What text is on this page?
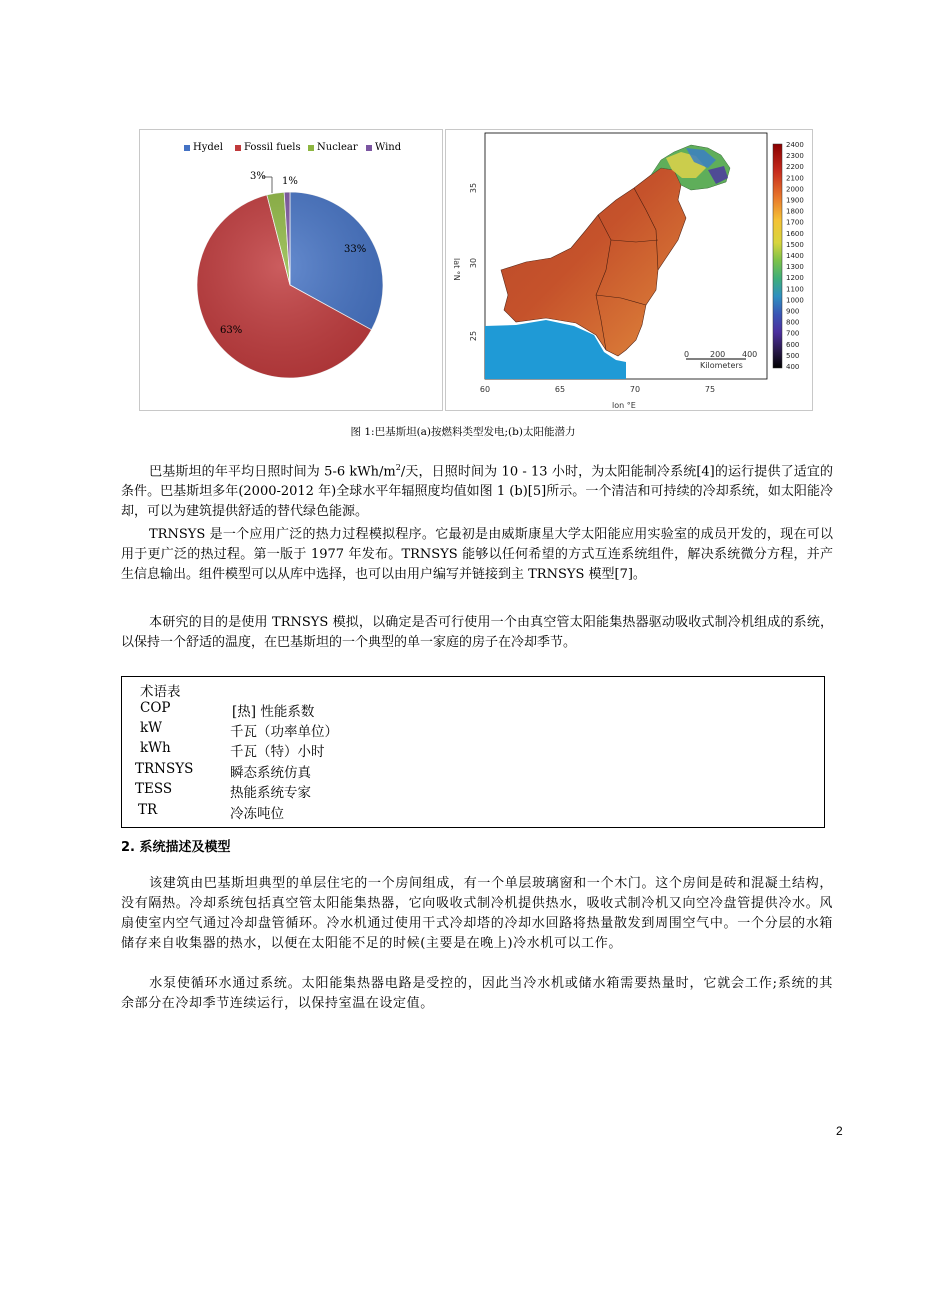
Hydel	Fossil fuels	Nuclear	Wind
3% 1%
33%
63%
35
30
25
60	65	70	75
lat °N
lon °E
0	200 400
Kilometers
2400
2300
2200
2100
2000
1900
1800
1700
1600
1500
1400
1300
1200
1100
1000
900
800
700
600
500
400
图 1:巴基斯坦(a)按燃料类型发电;(b)太阳能潜力
巴基斯坦的年平均日照时间为 5-6 kWh/$m^2/$天，日照时间为 10 - 13 小时，为太阳能制冷系统[4]的运行提供了适宜的条件。巴基斯坦多年(2000-2012 年)全球水平年辐照度均值如图 1 (b)[5]所示。一个清洁和可持续的冷却系统，如太阳能冷却，可以为建筑提供舒适的替代绿色能源。
TRNSYS 是一个应用广泛的热力过程模拟程序。它最初是由威斯康星大学太阳能应用实验室的成员开发的，现在可以用于更广泛的热过程。第一版于 1977 年发布。TRNSYS 能够以任何希望的方式互连系统组件，解决系统微分方程，并产生信息输出。组件模型可以从库中选择，也可以由用户编写并链接到主 TRNSYS 模型[7]。
本研究的目的是使用 TRNSYS 模拟，以确定是否可行使用一个由真空管太阳能集热器驱动吸收式制冷机组成的系统，以保持一个舒适的温度，在巴基斯坦的一个典型的单一家庭的房子在冷却季节。
术语表
COP	[热] 性能系数
kW	千瓦（功率单位）
kWh	千瓦（特）小时
TRNSYS	瞬态系统仿真
TESS	热能系统专家
TR	冷冻吨位
2. 系统描述及模型
该建筑由巴基斯坦典型的单层住宅的一个房间组成，有一个单层玻璃窗和一个木门。这个房间是砖和混凝土结构，没有隔热。冷却系统包括真空管太阳能集热器，它向吸收式制冷机提供热水，吸收式制冷机又向空冷盘管提供冷水。风扇使室内空气通过冷却盘管循环。冷水机通过使用干式冷却塔的冷却水回路将热量散发到周围空气中。一个分层的水箱储存来自收集器的热水，以便在太阳能不足的时候(主要是在晚上)冷水机可以工作。
水泵使循环水通过系统。太阳能集热器电路是受控的，因此当冷水机或储水箱需要热量时，它就会工作;系统的其余部分在冷却季节连续运行，以保持室温在设定值。
2
